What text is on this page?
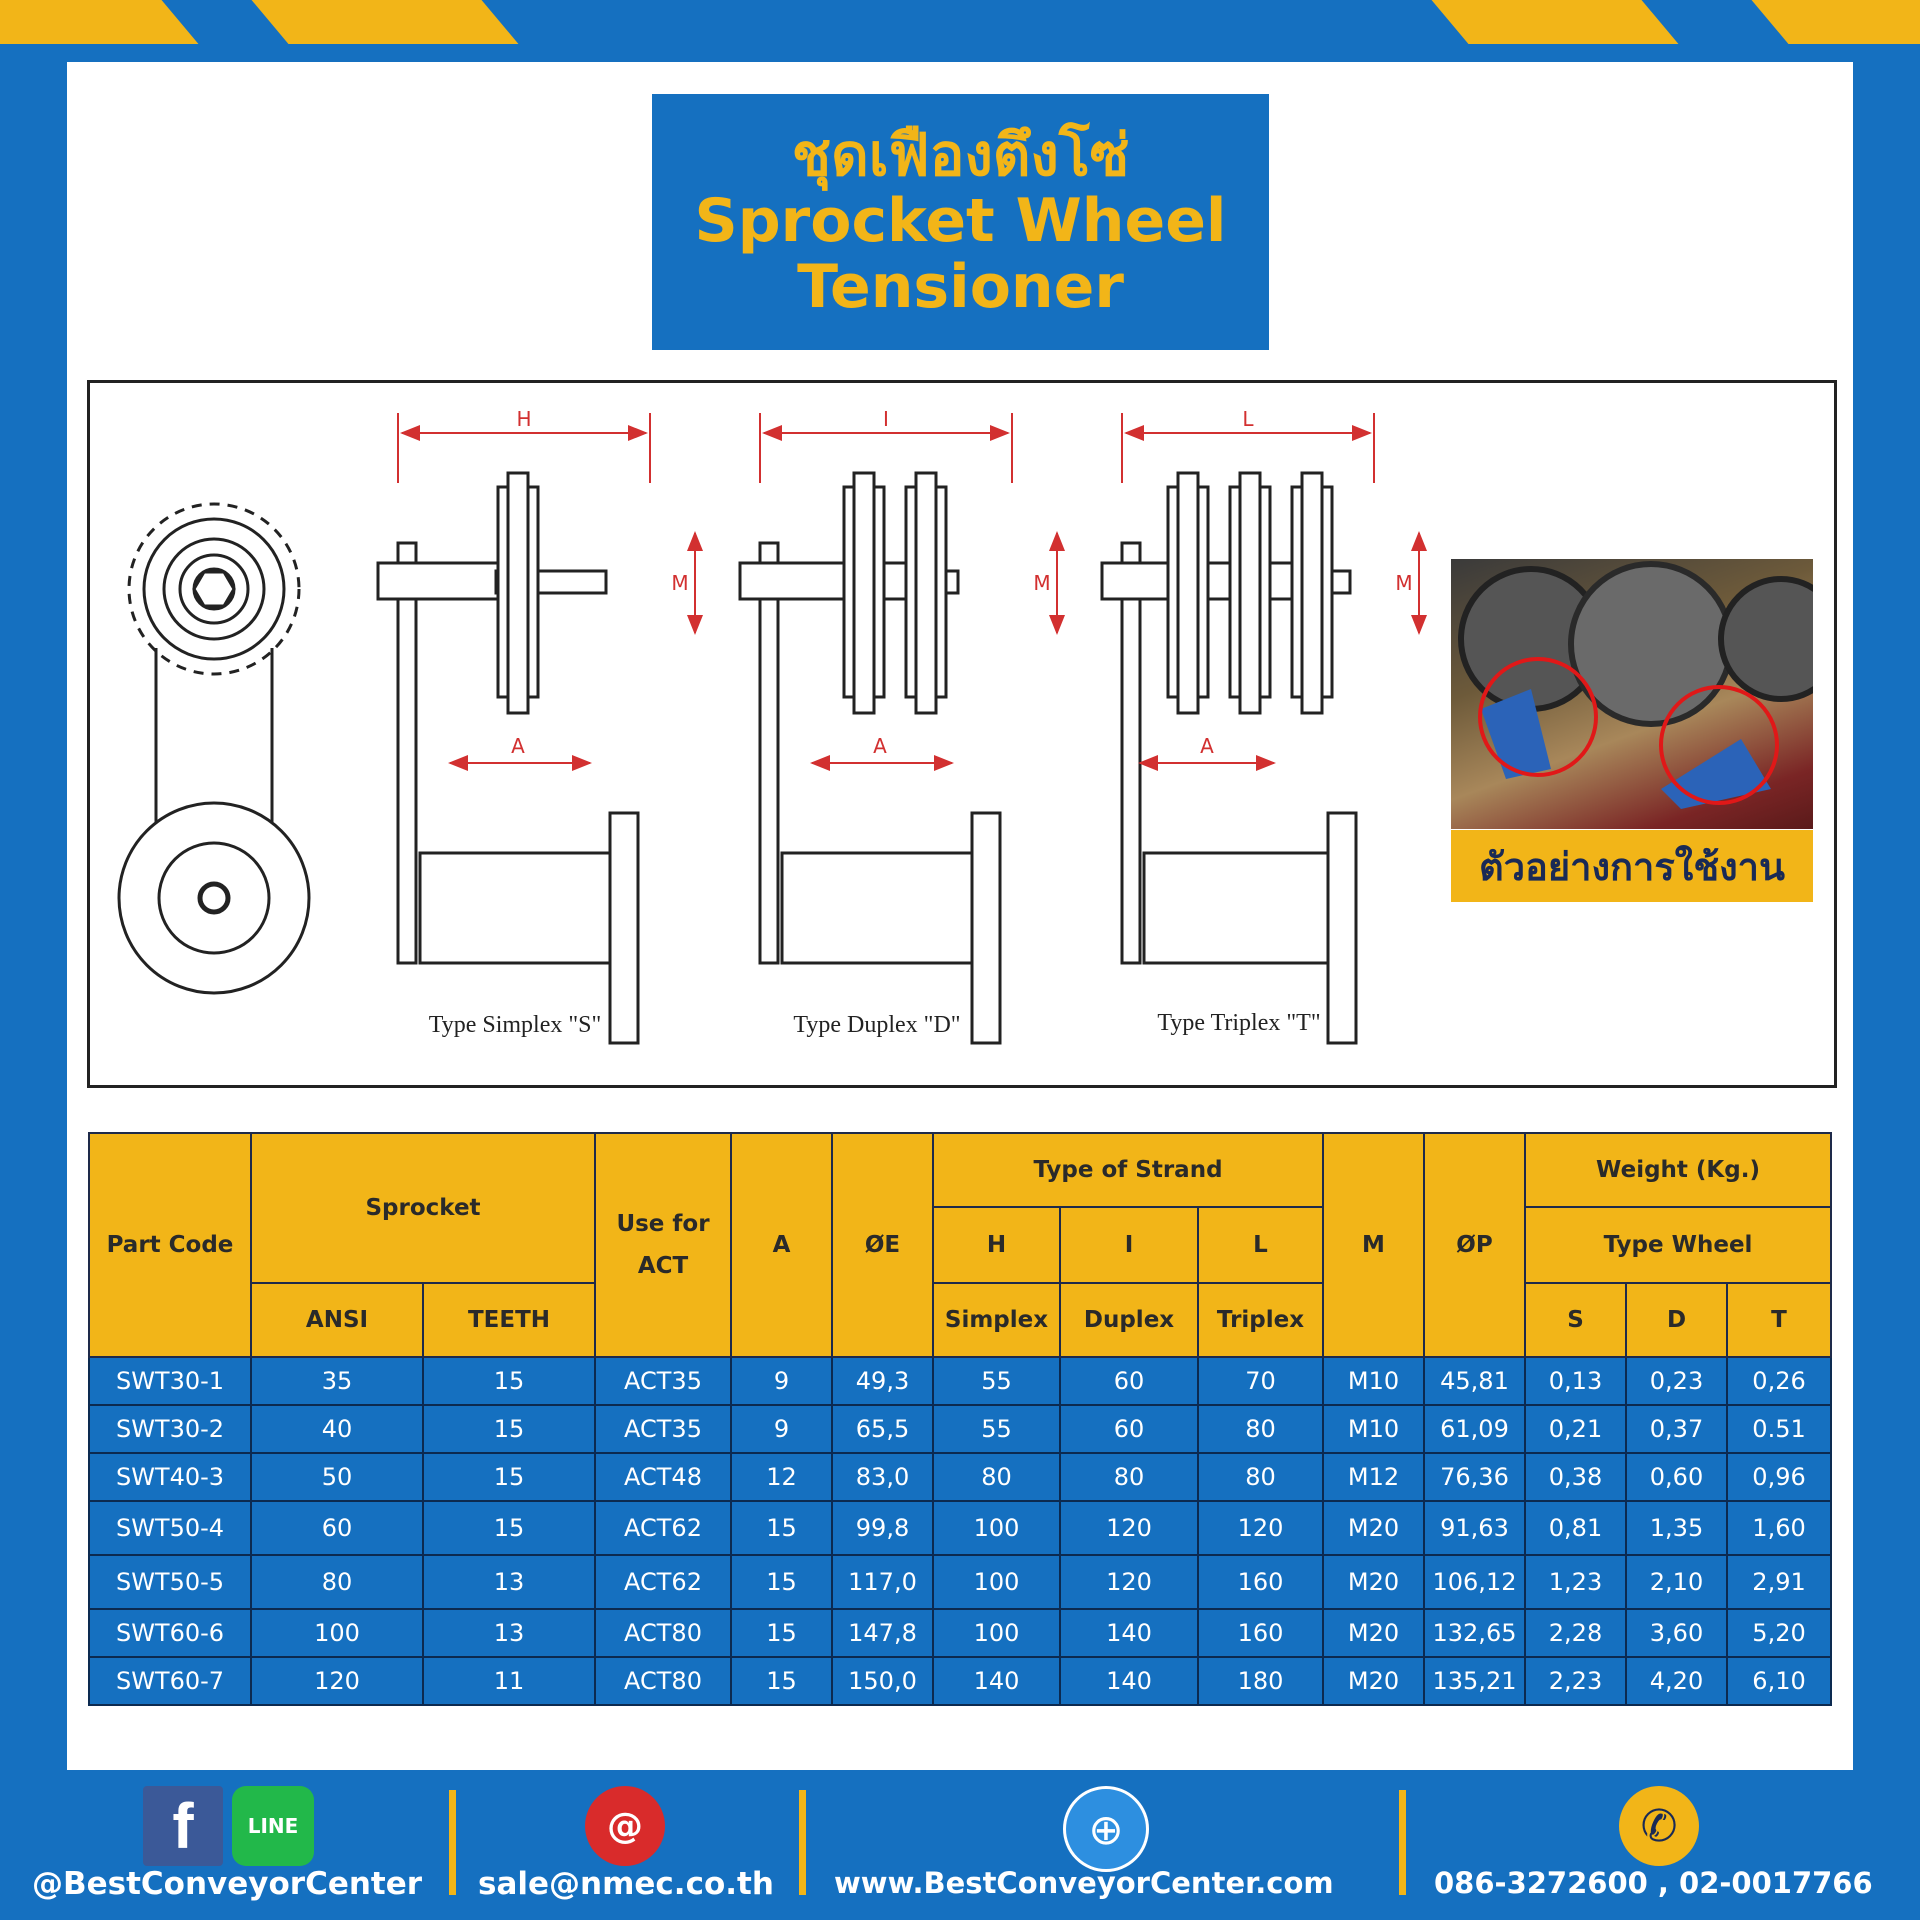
ชุดเฟืองตึงโซ่
Sprocket Wheel
Tensioner
H	I	L
M	M	M
A	A	A
Type Simplex "S"	Type Duplex "D"	Type Triplex "T"
ตัวอย่างการใช้งาน
Part Code	Sprocket		Use for
ACT	A	ØE	Type of Strand			M	ØP	Weight (Kg.)		
						H	I	L			Type Wheel		
	ANSI	TEETH				Simplex	Duplex	Triplex			S	D	T
SWT30-1	35	15	ACT35	9	49,3	55	60	70	M10	45,81	0,13	0,23	0,26
SWT30-2	40	15	ACT35	9	65,5	55	60	80	M10	61,09	0,21	0,37	0.51
SWT40-3	50	15	ACT48	12	83,0	80	80	80	M12	76,36	0,38	0,60	0,96
SWT50-4	60	15	ACT62	15	99,8	100	120	120	M20	91,63	0,81	1,35	1,60
SWT50-5	80	13	ACT62	15	117,0	100	120	160	M20	106,12	1,23	2,10	2,91
SWT60-6	100	13	ACT80	15	147,8	100	140	160	M20	132,65	2,28	3,60	5,20
SWT60-7	120	11	ACT80	15	150,0	140	140	180	M20	135,21	2,23	4,20	6,10
f	LINE
@BestConveyorCenter
@
sale@nmec.co.th
⊕
www.BestConveyorCenter.com
✆
086-3272600 , 02-0017766
